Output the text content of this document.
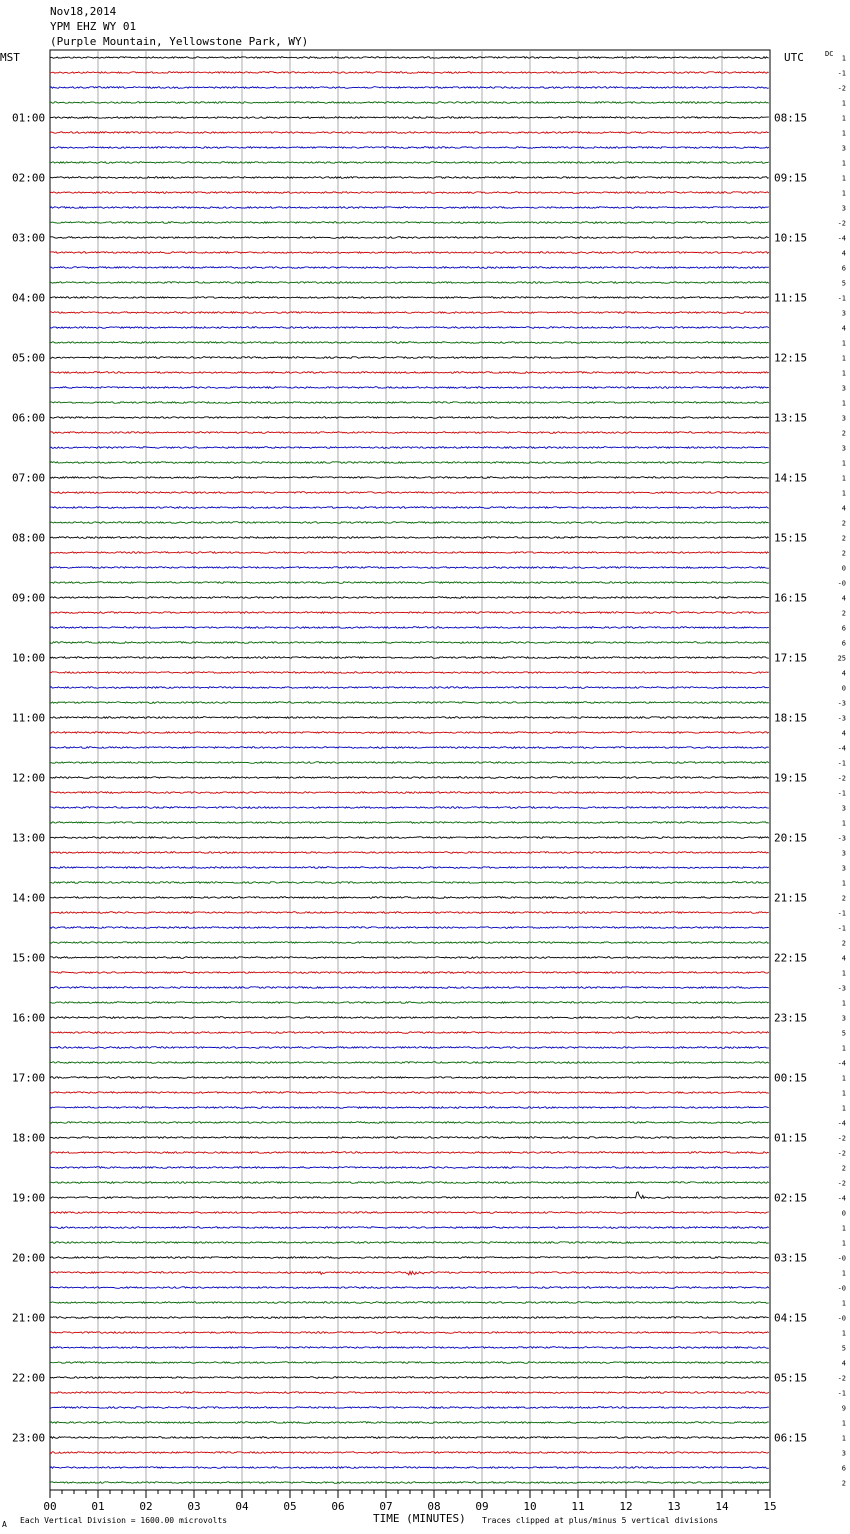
Nov18,2014
YPM EHZ WY 01
(Purple Mountain, Yellowstone Park, WY)
MST	UTC	DC
01:00
02:00
03:00
04:00
05:00
06:00
07:00
08:00
09:00
10:00
11:00
12:00
13:00
14:00
15:00
16:00
17:00
18:00
19:00
20:00
21:00
22:00
23:00
08:15
09:15
10:15
11:15
12:15
13:15
14:15
15:15
16:15
17:15
18:15
19:15
20:15
21:15
22:15
23:15
00:15
01:15
02:15
03:15
04:15
05:15
06:15
1
-1
-2
1
1
1
3
1
1
1
3
-2
-4
4
6
5
-1
3
4
1
1
1
3
1
3
2
3
1
1
1
4
2
2
2
0
-0
4
2
6
6
25
4
0
-3
-3
4
-4
-1
-2
-1
3
1
-3
3
3
1
2
-1
-1
2
4
1
-3
1
3
5
1
-4
1
1
1
-4
-2
-2
2
-2
-4
0
1
1
-0
1
-0
1
-0
1
5
4
-2
-1
9
1
1
3
6
2
00	01	02	03	04	05	06	07	08	09	10	11	12	13	14	15
TIME (MINUTES)
Each Vertical Division = 1600.00 microvolts	Traces clipped at plus/minus 5 vertical divisions
A
